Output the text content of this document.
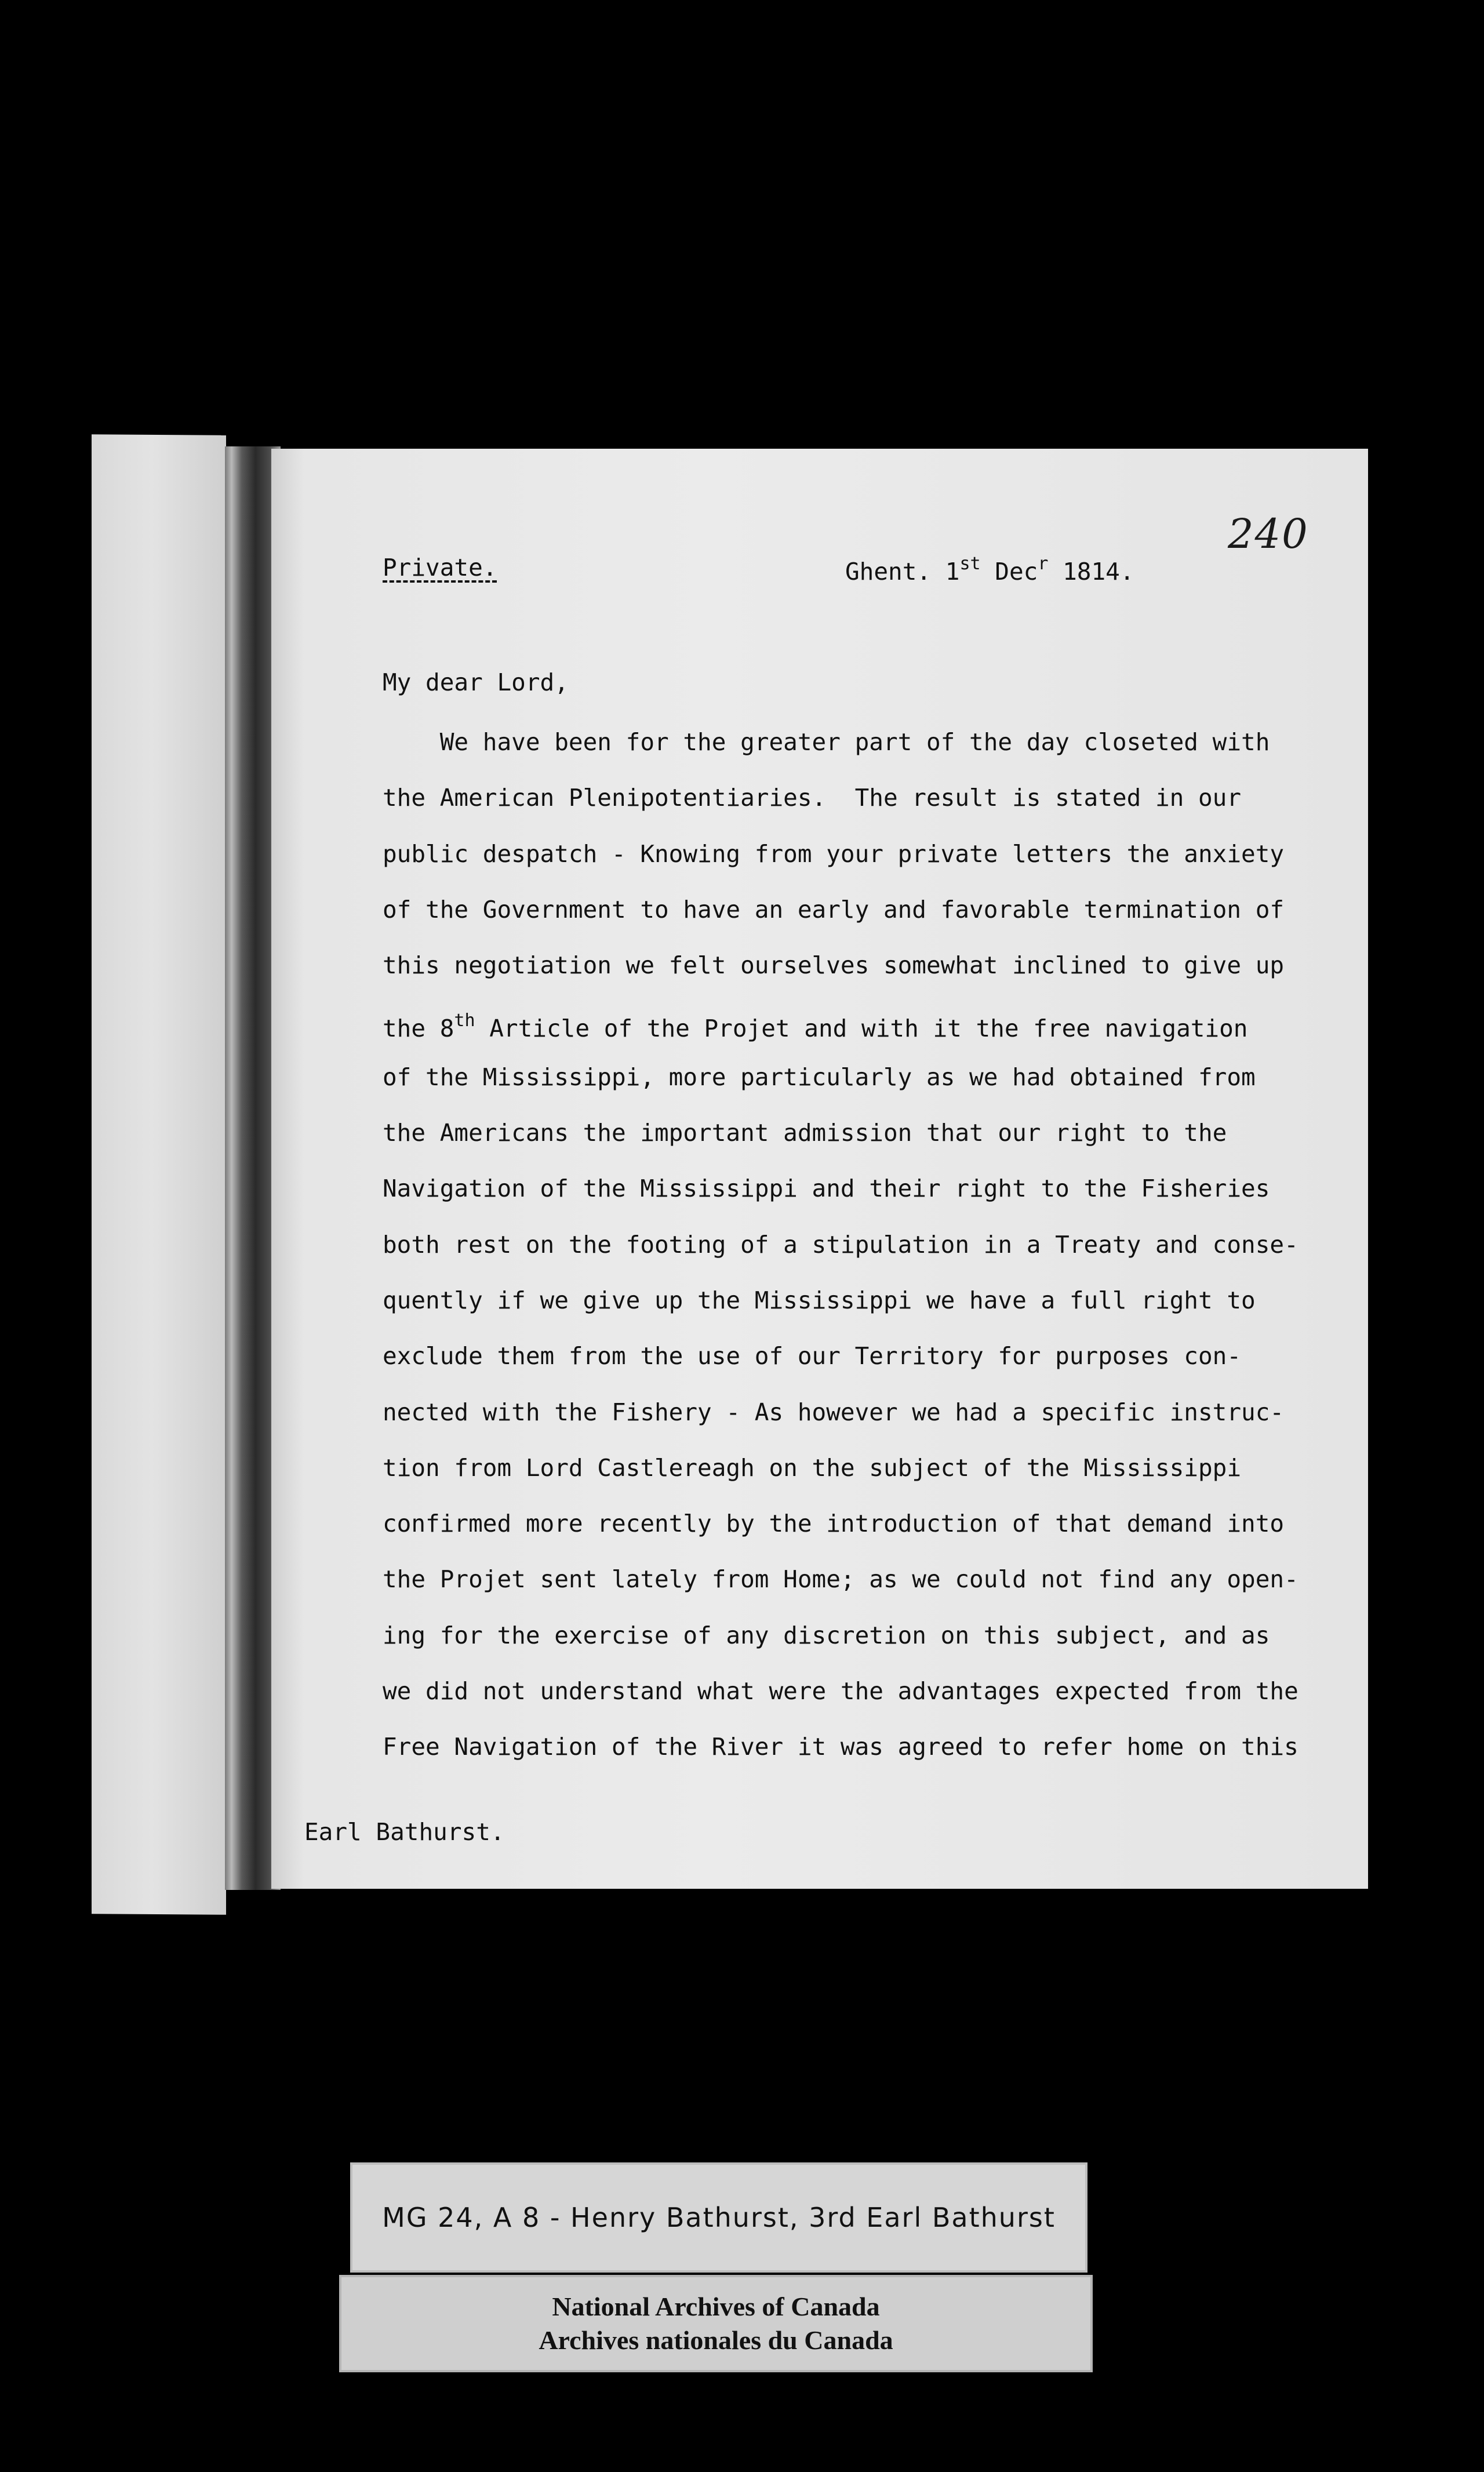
240
Private.	Ghent. 1st Dec$^r$ 1814.
My dear Lord,
We have been for the greater part of the day closeted with
the American Plenipotentiaries.  The result is stated in our
public despatch - Knowing from your private letters the anxiety
of the Government to have an early and favorable termination of
this negotiation we felt ourselves somewhat inclined to give up
the 8th Article of the Projet and with it the free navigation
of the Mississippi, more particularly as we had obtained from
the Americans the important admission that our right to the
Navigation of the Mississippi and their right to the Fisheries
both rest on the footing of a stipulation in a Treaty and conse-
quently if we give up the Mississippi we have a full right to
exclude them from the use of our Territory for purposes con-
nected with the Fishery - As however we had a specific instruc-
tion from Lord Castlereagh on the subject of the Mississippi
confirmed more recently by the introduction of that demand into
the Projet sent lately from Home; as we could not find any open-
ing for the exercise of any discretion on this subject, and as
we did not understand what were the advantages expected from the
Free Navigation of the River it was agreed to refer home on this
Earl Bathurst.
MG 24, A 8 - Henry Bathurst, 3rd Earl Bathurst
National Archives of Canada
Archives nationales du Canada
